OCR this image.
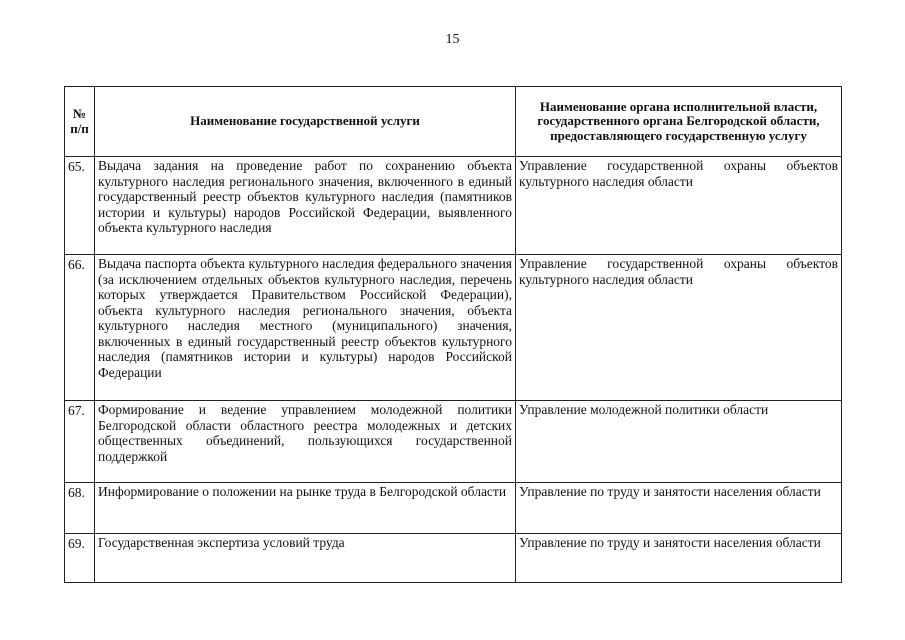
15
№ п/п	Наименование государственной услуги	Наименование органа исполнительной власти, государственного органа Белгородской области, предоставляющего государственную услугу
65.	Выдача задания на проведение работ по сохранению объекта культурного наследия регионального значения, включенного в единый государственный реестр объектов культурного наследия (памятников истории и культуры) народов Российской Федерации, выявленного объекта культурного наследия	Управление государственной охраны объектов культурного наследия области
66.	Выдача паспорта объекта культурного наследия федерального значения (за исключением отдельных объектов культурного наследия, перечень которых утверждается Правительством Российской Федерации), объекта культурного наследия регионального значения, объекта культурного наследия местного (муниципального) значения, включенных в единый государственный реестр объектов культурного наследия (памятников истории и культуры) народов Российской Федерации	Управление государственной охраны объектов культурного наследия области
67.	Формирование и ведение управлением молодежной политики Белгородской области областного реестра молодежных и детских общественных объединений, пользующихся государственной поддержкой	Управление молодежной политики области
68.	Информирование о положении на рынке труда в Белгородской области	Управление по труду и занятости населения области
69.	Государственная экспертиза условий труда	Управление по труду и занятости населения области
